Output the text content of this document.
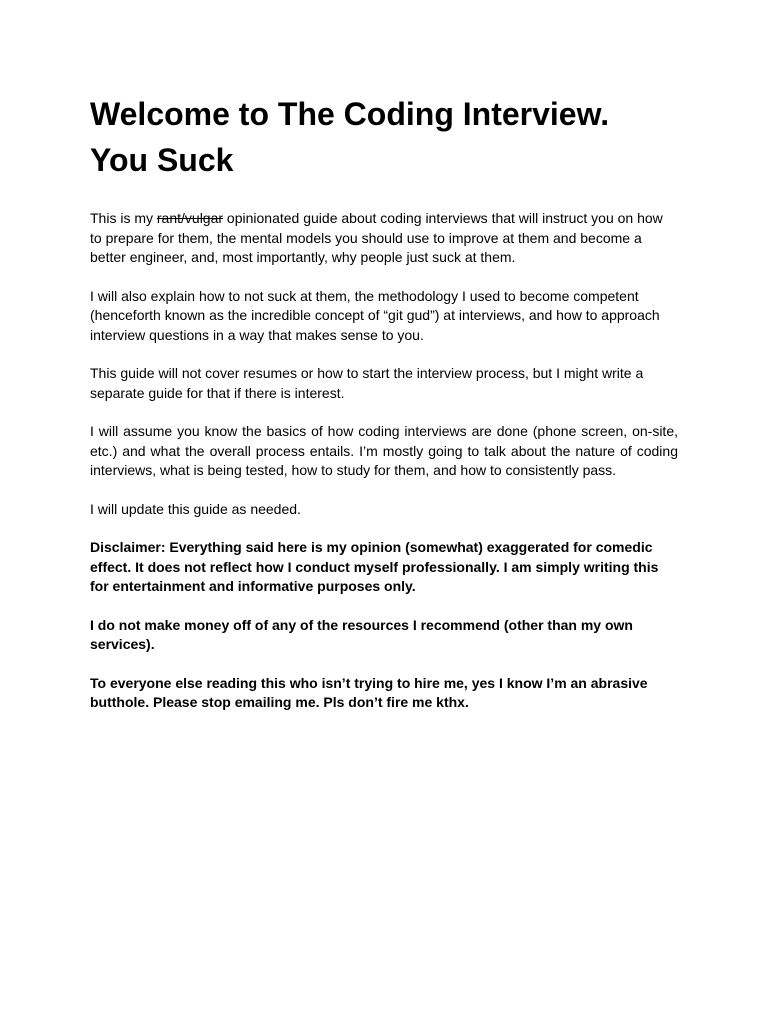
Welcome to The Coding Interview.
You Suck

This is my rant/vulgar opinionated guide about coding interviews that will instruct you on how to prepare for them, the mental models you should use to improve at them and become a better engineer, and, most importantly, why people just suck at them.

I will also explain how to not suck at them, the methodology I used to become competent (henceforth known as the incredible concept of “git gud”) at interviews, and how to approach interview questions in a way that makes sense to you.

This guide will not cover resumes or how to start the interview process, but I might write a separate guide for that if there is interest.

I will assume you know the basics of how coding interviews are done (phone screen, on-site, etc.) and what the overall process entails. I’m mostly going to talk about the nature of coding interviews, what is being tested, how to study for them, and how to consistently pass.

I will update this guide as needed.

Disclaimer: Everything said here is my opinion (somewhat) exaggerated for comedic effect. It does not reflect how I conduct myself professionally. I am simply writing this for entertainment and informative purposes only.

I do not make money off of any of the resources I recommend (other than my own services).

To everyone else reading this who isn’t trying to hire me, yes I know I’m an abrasive butthole. Please stop emailing me. Pls don’t fire me kthx.
